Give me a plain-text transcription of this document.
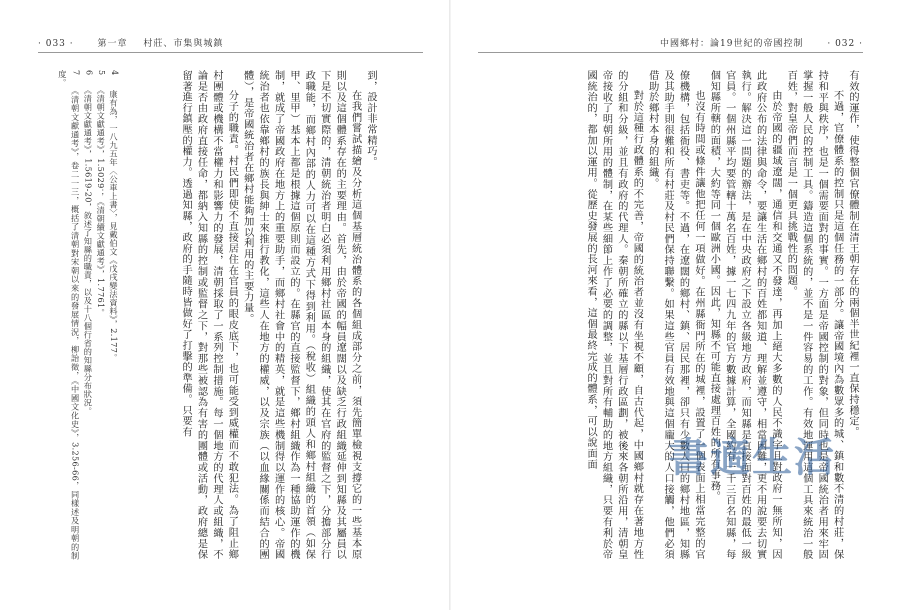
· 033 ·	第一章 村莊、市集與城鎮	中國鄉村：論19世紀的帝國控制	· 032 ·

到，設計非常精巧。

在我們嘗試描繪及分析這個基層統治體系的各個組成部分之前，須先簡單檢視支撐它的一些基本原則以及這個體系存在的主要理由。首先，由於帝國的幅員遼闊以及缺乏行政組織延伸到知縣及其屬員以下是不切實際的，清朝統治者明白必須利用鄉村社區本身的組織，使其在官府的監督之下，分擔部分行政職能，而鄉村內部的人力可以在這種方式下得到利用。（稅收）組織的頭人和鄉村組織的首領（如保甲、里甲）基本上都是根據這個原則而設立的。在縣官的直接監督下，鄉村組織作為一種協助運作的機制，就成了帝國政府在地方上的重要助手，而鄉村社會中的精英，就是這些機制得以運作的核心。帝國統治者也依靠鄉村的族長與紳士來推行教化，這些人在地方的權威，以及宗族（以血緣關係而結合的團體），是帝國統治者在鄉村能夠加以利用的主要力量。

分子的職責。村民們即使不直接居住在官員的眼皮底下，也可能受到威權而不敢犯法。為了阻止鄉村團體或機構不當權力和影響力的發展，清朝採取了一系列控制措施。每一個地方的代理人或組織，不論是否由政府直接任命，都納入知縣的控制或監督之下，對那些被認為有害的團體或活動，政府總是保留著進行鎮壓的權力。透過知縣，政府的手隨時皆做好了打擊的準備。只要有

4　康有為，一八九五年〈公車上書〉，見戴伯文《戊戌變法資料》，2.177。
5　《清朝文獻通考》，1.5029；《清朝續文獻通考》，1.7761。
6　《清朝文獻通考》，1.5619-20，敘述了知縣的職責，以及十八個行省的知縣分布狀況。
7　《清朝文獻通考》，卷二一三，概括了清朝對宋朝以來的發展情況，柳詒徵，《中國文化史》，3.256-66，同樣述及明朝的制度。	有效的運作，使得整個官僚體制在清王朝存在的兩個半世紀裡一直保持穩定。

不過，官僚體系的控制只是這個任務的一部分。讓帝國境內為數眾多的城、鎮和數不清的村莊，保持和平與秩序，也是一個需要面對的事實。一方面是帝國控制的對象，但同時也是帝國統治者用來牢固掌握一般人民的控制工具。鑄造這個系統的，並不是一件容易的工作。有效地運用這個工具來統治一般百姓，對皇帝們而言是一個更具挑戰性的問題。

由於帝國的疆域遼闊，通信和交通又不發達，再加上絕大多數的人民不識字且對政府一無所知，因此政府公布的法律與命令，要讓生活在鄉村的百姓都知道、理解並遵守，相當困難，更不用說要去切實執行。解決這一問題的辦法，是在中央政府之下設立各級地方政府，而知縣是直接面對百姓的最低一級官員。一個州縣平均要管轄十萬名百姓，據一七四九年的官方數據計算，全國約有一千三百名知縣，每個知縣所轄的面積，大約等同一個歐洲小國。因此，知縣不可能直接處理百姓的所有事務。

也沒有時間或條件讓他把任何一項做好。在州縣衙門所在的城裡，設置了一個表面上相當完整的官僚機構，包括衙役、書吏等。不過，在遼闊的鄉村、鎮、居民那裡，卻只有少數人口的鄉村地區，知縣及其助手則很難和所有村莊及村民們保持聯繫。如果這些官員有效地與這個龐大的人口接觸，他們必須借助於鄉村本身的組織。

對於這種行政體系的不完善，帝國的統治者並沒有坐視不顧，自古代起，中國鄉村就存在著地方性的分組和分級，並且有政府的代理人。秦朝所確立的縣以下基層行政區劃，被後來各朝所沿用，清朝皇帝接收了明朝所用的體制，在某些細節上作了必要的調整，並且對所有輔助的地方組織，只要有利於帝國統治的，都加以運用。從歷史發展的長河來看，這個最終完成的體系，可以說面面	書適生活
